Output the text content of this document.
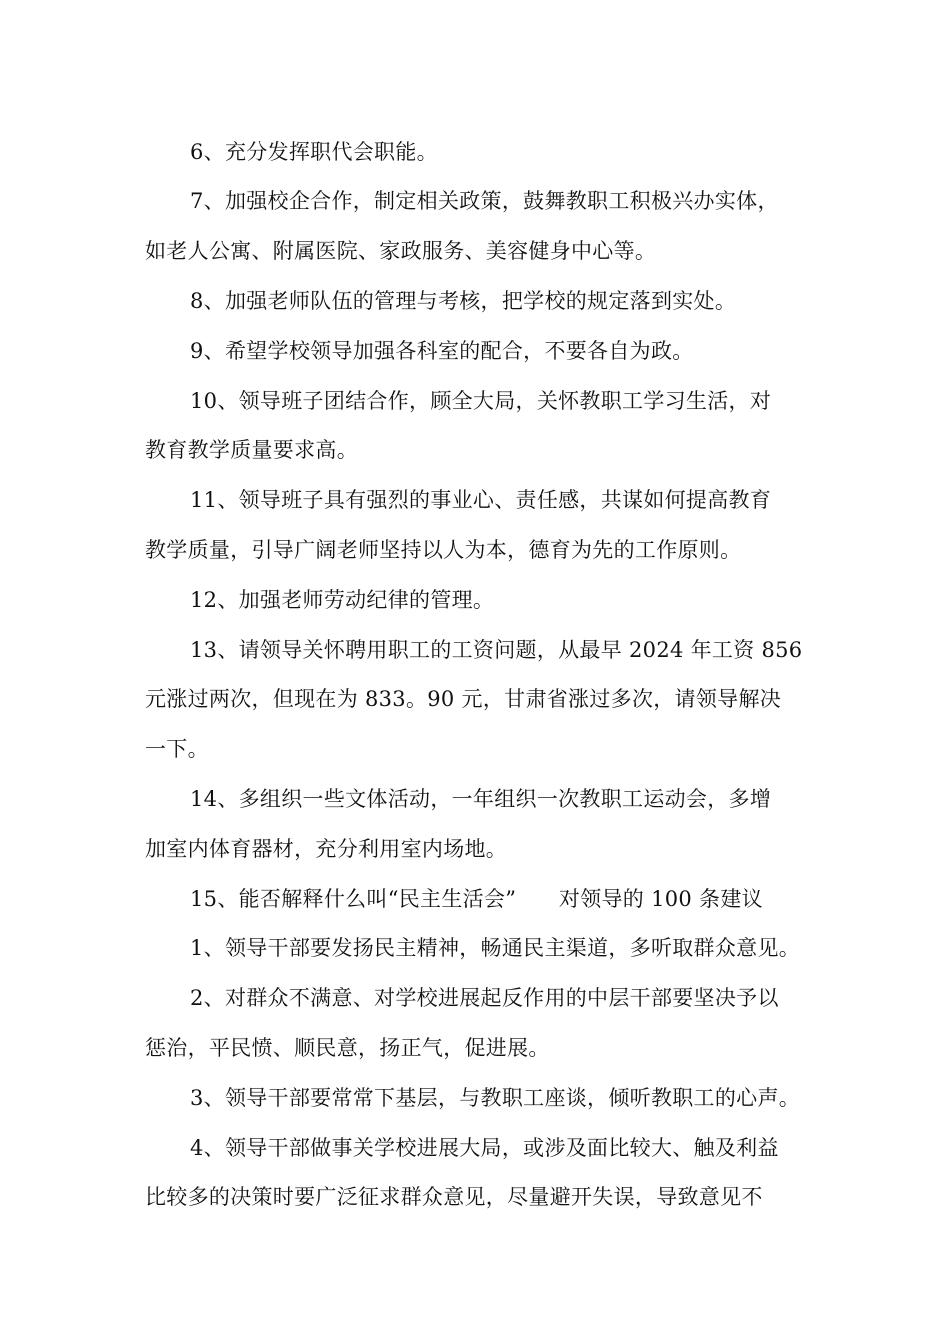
6、充分发挥职代会职能。
7、加强校企合作，制定相关政策，鼓舞教职工积极兴办实体，
如老人公寓、附属医院、家政服务、美容健身中心等。
8、加强老师队伍的管理与考核，把学校的规定落到实处。
9、希望学校领导加强各科室的配合，不要各自为政。
10、领导班子团结合作，顾全大局，关怀教职工学习生活，对
教育教学质量要求高。
11、领导班子具有强烈的事业心、责任感，共谋如何提高教育
教学质量，引导广阔老师坚持以人为本，德育为先的工作原则。
12、加强老师劳动纪律的管理。
13、请领导关怀聘用职工的工资问题，从最早 2024 年工资 856
元涨过两次，但现在为 833。90 元，甘肃省涨过多次，请领导解决
一下。
14、多组织一些文体活动，一年组织一次教职工运动会，多增
加室内体育器材，充分利用室内场地。
15、能否解释什么叫“民主生活会”　　对领导的 100 条建议
1、领导干部要发扬民主精神，畅通民主渠道，多听取群众意见。
2、对群众不满意、对学校进展起反作用的中层干部要坚决予以
惩治，平民愤、顺民意，扬正气，促进展。
3、领导干部要常常下基层，与教职工座谈，倾听教职工的心声。
4、领导干部做事关学校进展大局，或涉及面比较大、触及利益
比较多的决策时要广泛征求群众意见，尽量避开失误，导致意见不
